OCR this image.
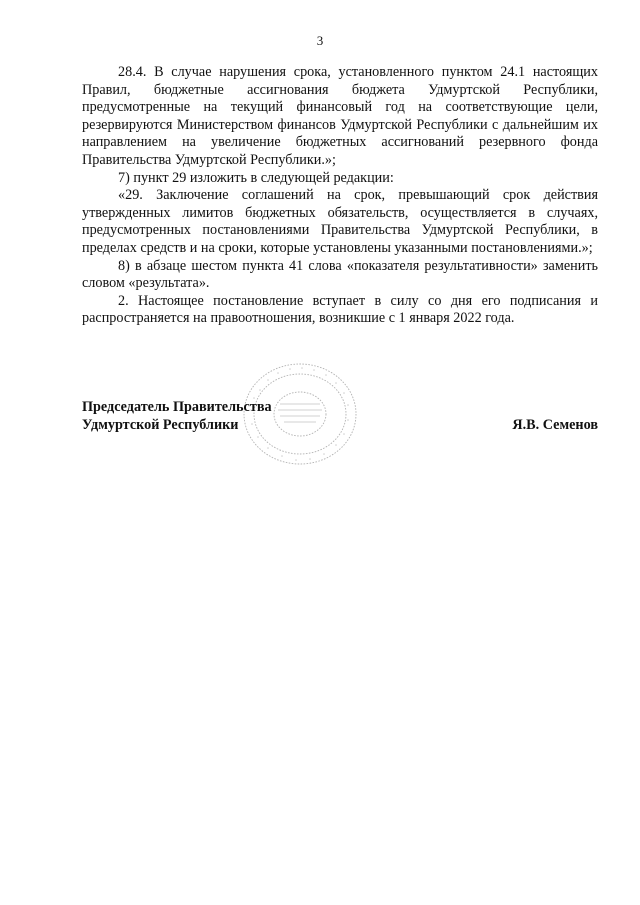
3

28.4. В случае нарушения срока, установленного пунктом 24.1 настоящих Правил, бюджетные ассигнования бюджета Удмуртской Республики, предусмотренные на текущий финансовый год на соответствующие цели, резервируются Министерством финансов Удмуртской Республики с дальнейшим их направлением на увеличение бюджетных ассигнований резервного фонда Правительства Удмуртской Республики.»;

7) пункт 29 изложить в следующей редакции:

«29. Заключение соглашений на срок, превышающий срок действия утвержденных лимитов бюджетных обязательств, осуществляется в случаях, предусмотренных постановлениями Правительства Удмуртской Республики, в пределах средств и на сроки, которые установлены указанными постановлениями.»;

8) в абзаце шестом пункта 41 слова «показателя результативности» заменить словом «результата».

2. Настоящее постановление вступает в силу со дня его подписания и распространяется на правоотношения, возникшие с 1 января 2022 года.

Председатель Правительства
Удмуртской Республики	Я.В. Семенов
